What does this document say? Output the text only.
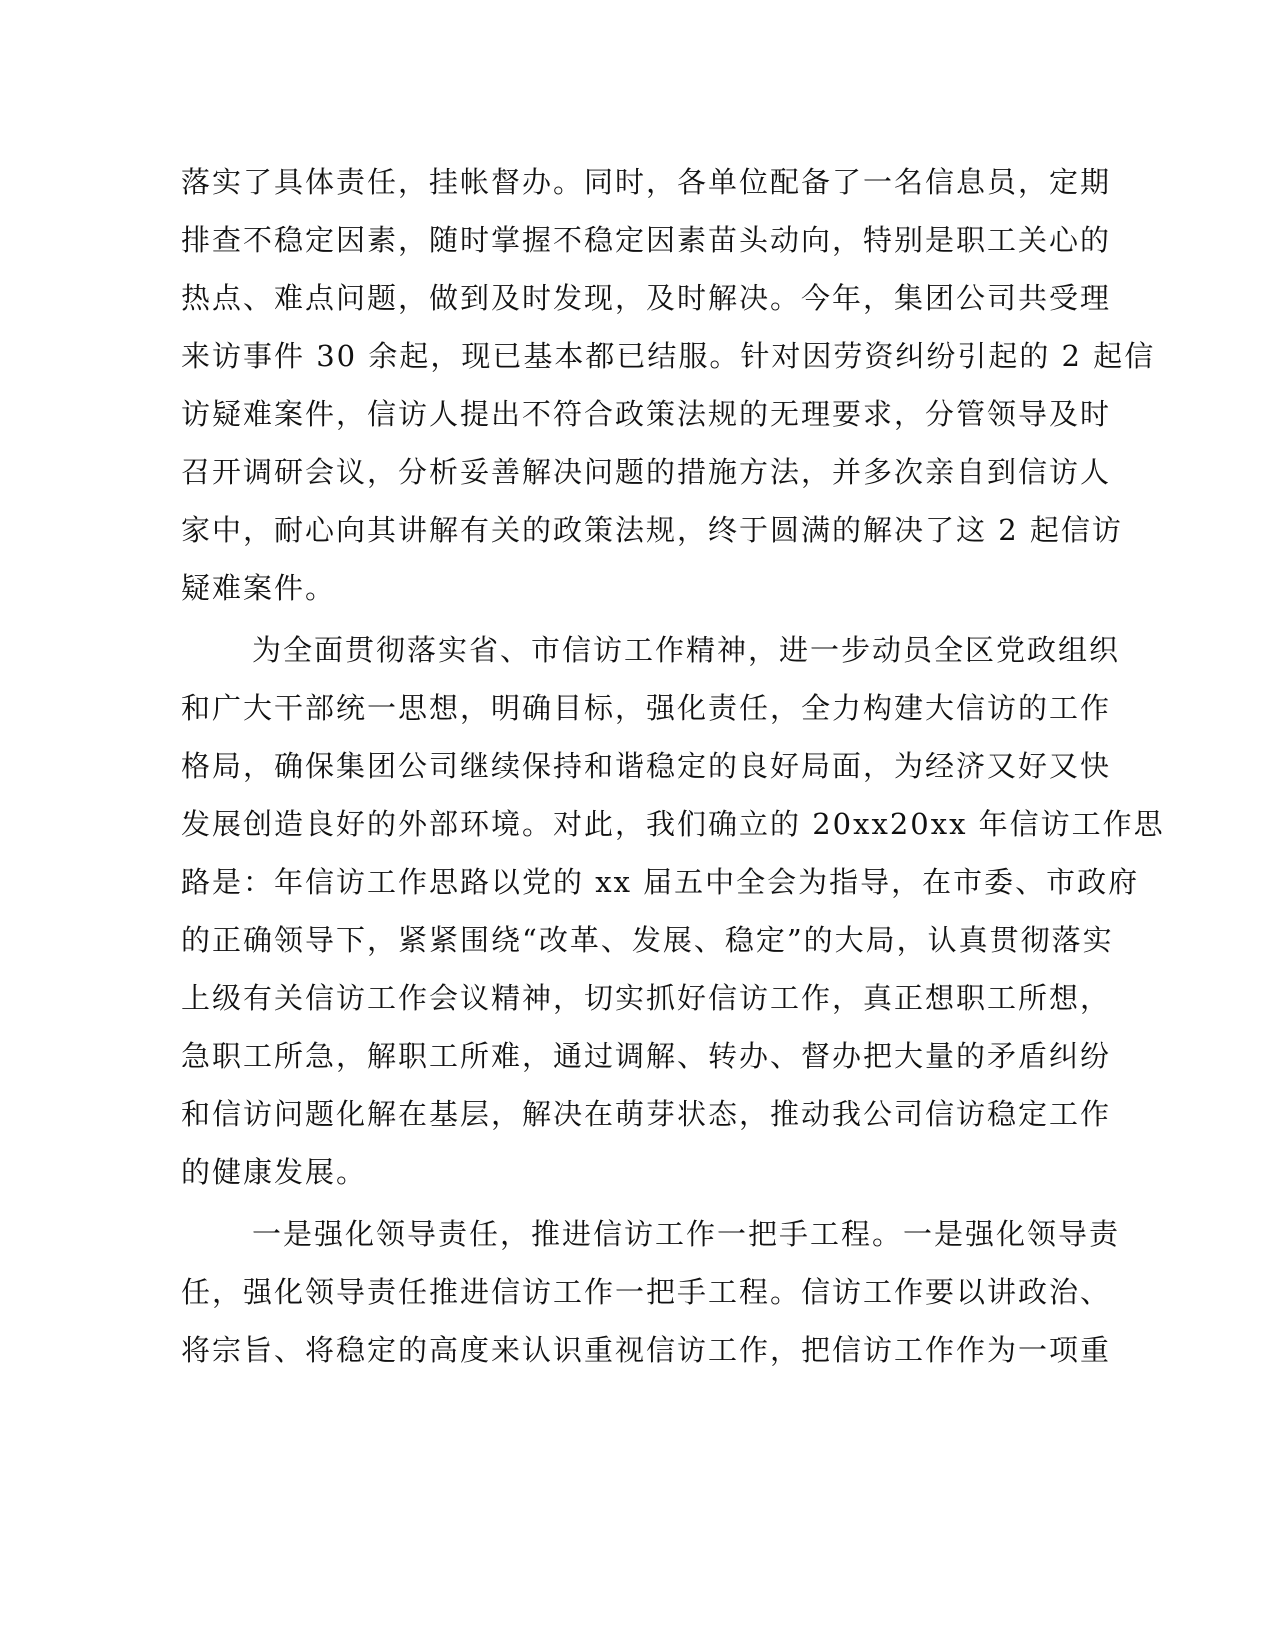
落实了具体责任，挂帐督办。同时，各单位配备了一名信息员，定期
排查不稳定因素，随时掌握不稳定因素苗头动向，特别是职工关心的
热点、难点问题，做到及时发现，及时解决。今年，集团公司共受理
来访事件 30 余起，现已基本都已结服。针对因劳资纠纷引起的 2 起信
访疑难案件，信访人提出不符合政策法规的无理要求，分管领导及时
召开调研会议，分析妥善解决问题的措施方法，并多次亲自到信访人
家中，耐心向其讲解有关的政策法规，终于圆满的解决了这 2 起信访
疑难案件。
为全面贯彻落实省、市信访工作精神，进一步动员全区党政组织
和广大干部统一思想，明确目标，强化责任，全力构建大信访的工作
格局，确保集团公司继续保持和谐稳定的良好局面，为经济又好又快
发展创造良好的外部环境。对此，我们确立的 20xx20xx 年信访工作思
路是：年信访工作思路以党的 xx 届五中全会为指导，在市委、市政府
的正确领导下，紧紧围绕“改革、发展、稳定”的大局，认真贯彻落实
上级有关信访工作会议精神，切实抓好信访工作，真正想职工所想，
急职工所急，解职工所难，通过调解、转办、督办把大量的矛盾纠纷
和信访问题化解在基层，解决在萌芽状态，推动我公司信访稳定工作
的健康发展。
一是强化领导责任，推进信访工作一把手工程。一是强化领导责
任，强化领导责任推进信访工作一把手工程。信访工作要以讲政治、
将宗旨、将稳定的高度来认识重视信访工作，把信访工作作为一项重
